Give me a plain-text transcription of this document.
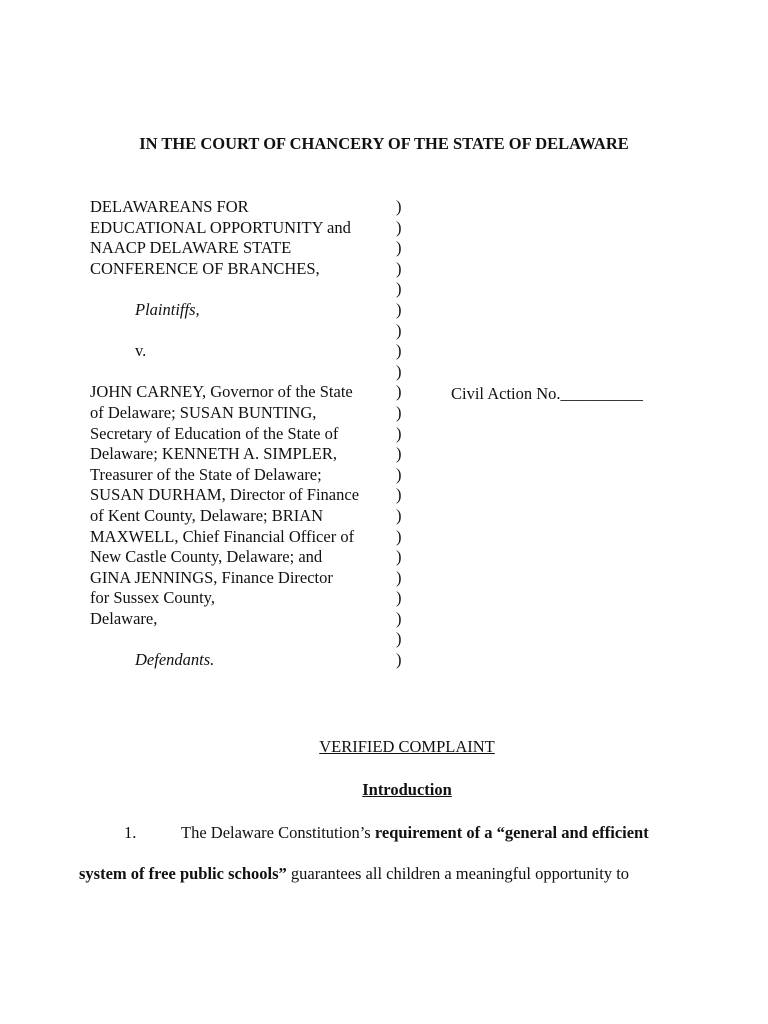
IN THE COURT OF CHANCERY OF THE STATE OF DELAWARE
DELAWAREANS FOR
EDUCATIONAL OPPORTUNITY and
NAACP DELAWARE STATE
CONFERENCE OF BRANCHES,
Plaintiffs,
v.
JOHN CARNEY, Governor of the State
of Delaware; SUSAN BUNTING,
Secretary of Education of the State of
Delaware; KENNETH A. SIMPLER,
Treasurer of the State of Delaware;
SUSAN DURHAM, Director of Finance
of Kent County, Delaware; BRIAN
MAXWELL, Chief Financial Officer of
New Castle County, Delaware; and
GINA JENNINGS, Finance Director
for Sussex County,
Delaware,
Defendants.
)
)
)
)
)
)
)
)
)
)
)
)
)
)
)
)
)
)
)
)
)
)
)
Civil Action No.__________
VERIFIED COMPLAINT
Introduction
1.	The Delaware Constitution’s requirement of a “general and efficient
system of free public schools” guarantees all children a meaningful opportunity to
